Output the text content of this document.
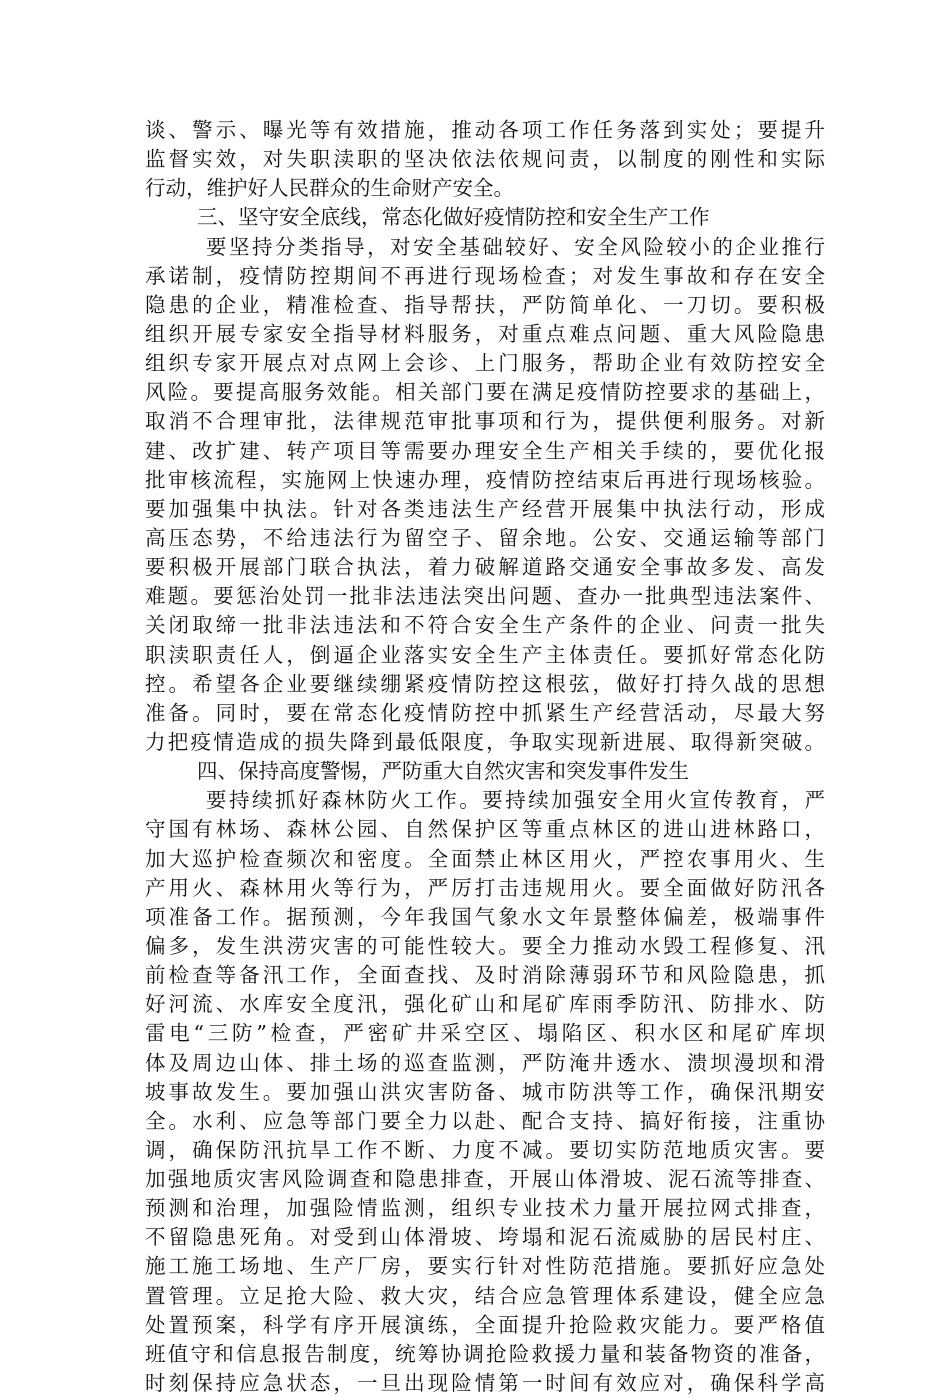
谈、警示、曝光等有效措施，推动各项工作任务落到实处；要提升
监督实效，对失职渎职的坚决依法依规问责，以制度的刚性和实际
行动，维护好人民群众的生命财产安全。
三、坚守安全底线，常态化做好疫情防控和安全生产工作
要坚持分类指导，对安全基础较好、安全风险较小的企业推行
承诺制，疫情防控期间不再进行现场检查；对发生事故和存在安全
隐患的企业，精准检查、指导帮扶，严防简单化、一刀切。要积极
组织开展专家安全指导材料服务，对重点难点问题、重大风险隐患
组织专家开展点对点网上会诊、上门服务，帮助企业有效防控安全
风险。要提高服务效能。相关部门要在满足疫情防控要求的基础上，
取消不合理审批，法律规范审批事项和行为，提供便利服务。对新
建、改扩建、转产项目等需要办理安全生产相关手续的，要优化报
批审核流程，实施网上快速办理，疫情防控结束后再进行现场核验。
要加强集中执法。针对各类违法生产经营开展集中执法行动，形成
高压态势，不给违法行为留空子、留余地。公安、交通运输等部门
要积极开展部门联合执法，着力破解道路交通安全事故多发、高发
难题。要惩治处罚一批非法违法突出问题、查办一批典型违法案件、
关闭取缔一批非法违法和不符合安全生产条件的企业、问责一批失
职渎职责任人，倒逼企业落实安全生产主体责任。要抓好常态化防
控。希望各企业要继续绷紧疫情防控这根弦，做好打持久战的思想
准备。同时，要在常态化疫情防控中抓紧生产经营活动，尽最大努
力把疫情造成的损失降到最低限度，争取实现新进展、取得新突破。
四、保持高度警惕，严防重大自然灾害和突发事件发生
要持续抓好森林防火工作。要持续加强安全用火宣传教育，严
守国有林场、森林公园、自然保护区等重点林区的进山进林路口，
加大巡护检查频次和密度。全面禁止林区用火，严控农事用火、生
产用火、森林用火等行为，严厉打击违规用火。要全面做好防汛各
项准备工作。据预测，今年我国气象水文年景整体偏差，极端事件
偏多，发生洪涝灾害的可能性较大。要全力推动水毁工程修复、汛
前检查等备汛工作，全面查找、及时消除薄弱环节和风险隐患，抓
好河流、水库安全度汛，强化矿山和尾矿库雨季防汛、防排水、防
雷电“三防”检查，严密矿井采空区、塌陷区、积水区和尾矿库坝
体及周边山体、排土场的巡查监测，严防淹井透水、溃坝漫坝和滑
坡事故发生。要加强山洪灾害防备、城市防洪等工作，确保汛期安
全。水利、应急等部门要全力以赴、配合支持、搞好衔接，注重协
调，确保防汛抗旱工作不断、力度不减。要切实防范地质灾害。要
加强地质灾害风险调查和隐患排查，开展山体滑坡、泥石流等排查、
预测和治理，加强险情监测，组织专业技术力量开展拉网式排查，
不留隐患死角。对受到山体滑坡、垮塌和泥石流威胁的居民村庄、
施工施工场地、生产厂房，要实行针对性防范措施。要抓好应急处
置管理。立足抢大险、救大灾，结合应急管理体系建设，健全应急
处置预案，科学有序开展演练，全面提升抢险救灾能力。要严格值
班值守和信息报告制度，统筹协调抢险救援力量和装备物资的准备，
时刻保持应急状态，一旦出现险情第一时间有效应对，确保科学高
